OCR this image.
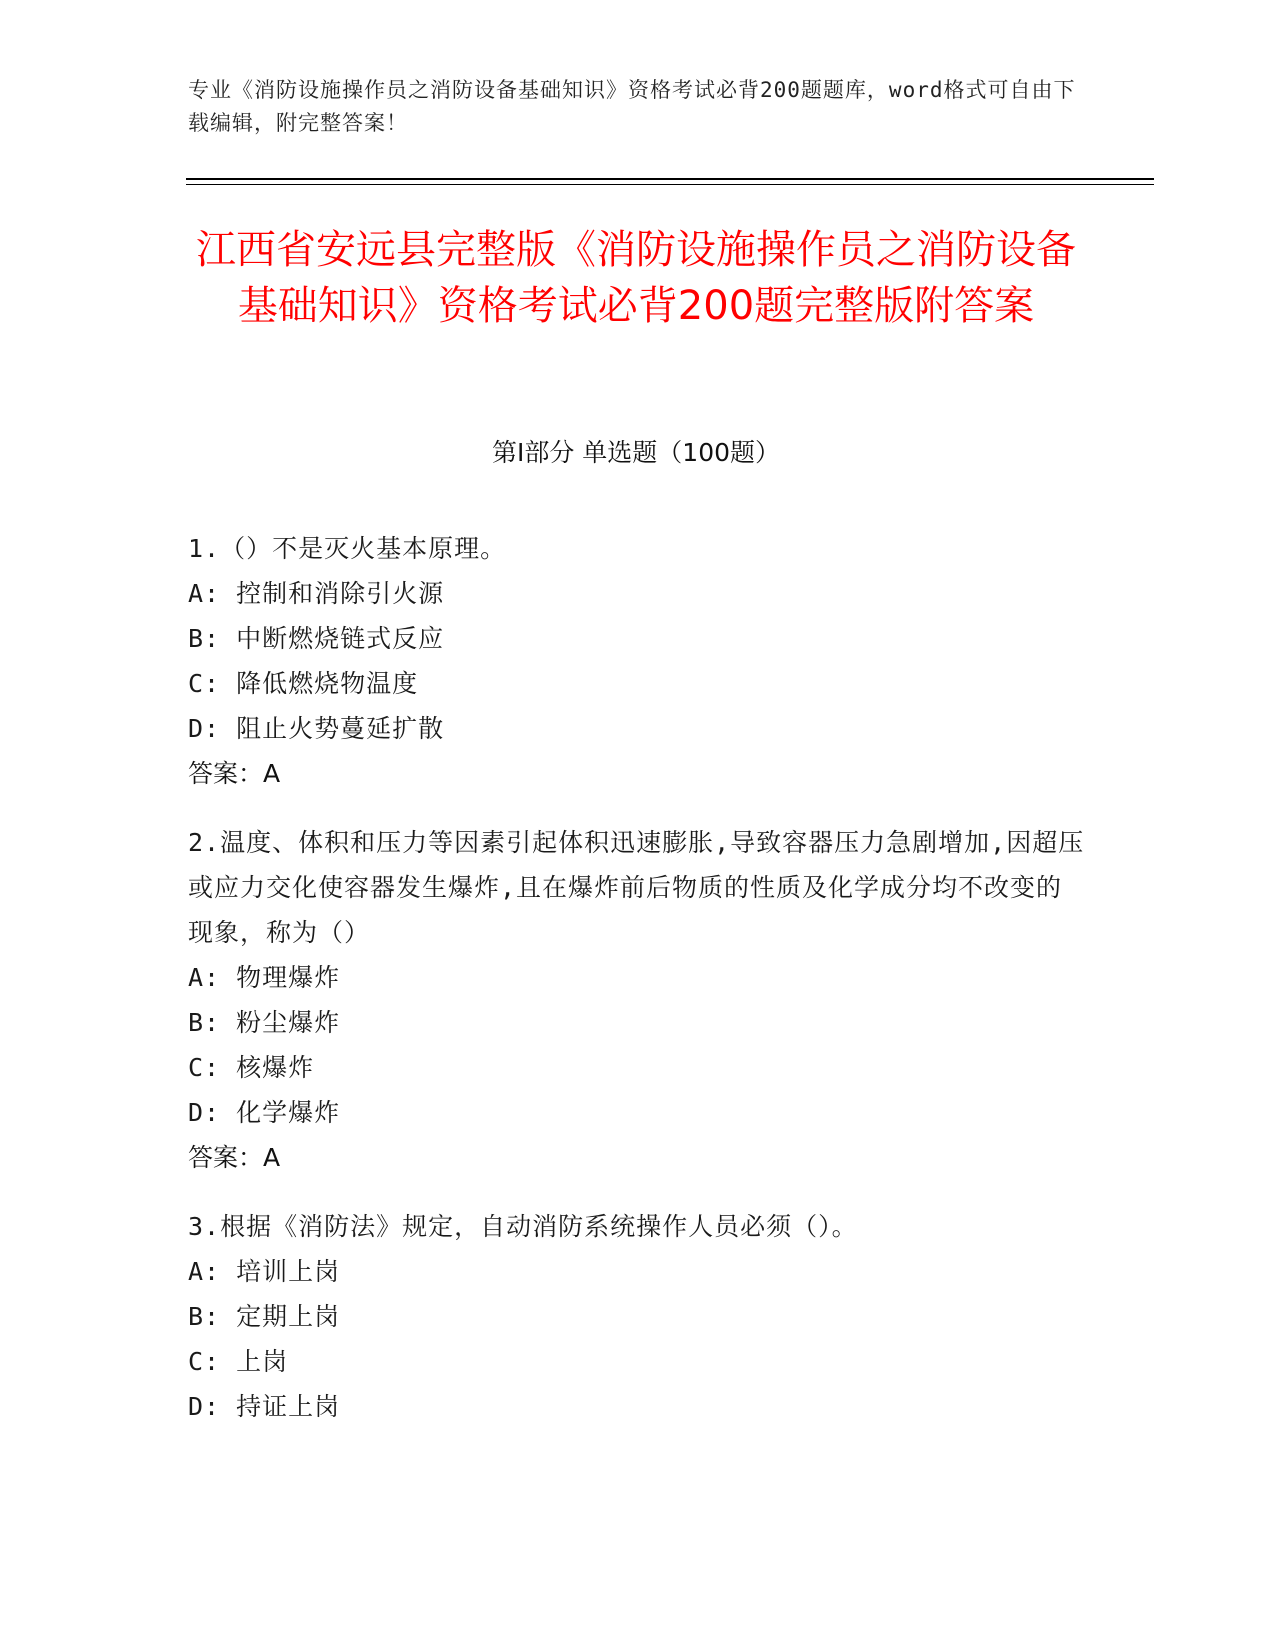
专业《消防设施操作员之消防设备基础知识》资格考试必背200题题库，word格式可自由下载编辑，附完整答案！
江西省安远县完整版《消防设施操作员之消防设备基础知识》资格考试必背200题完整版附答案
第Ⅰ部分 单选题（100题）
1.（）不是灭火基本原理。
A: 控制和消除引火源
B: 中断燃烧链式反应
C: 降低燃烧物温度
D: 阻止火势蔓延扩散
答案：A
2.温度、体积和压力等因素引起体积迅速膨胀,导致容器压力急剧增加,因超压或应力交化使容器发生爆炸,且在爆炸前后物质的性质及化学成分均不改变的现象，称为（）
A: 物理爆炸
B: 粉尘爆炸
C: 核爆炸
D: 化学爆炸
答案：A
3.根据《消防法》规定，自动消防系统操作人员必须（）。
A: 培训上岗
B: 定期上岗
C: 上岗
D: 持证上岗
